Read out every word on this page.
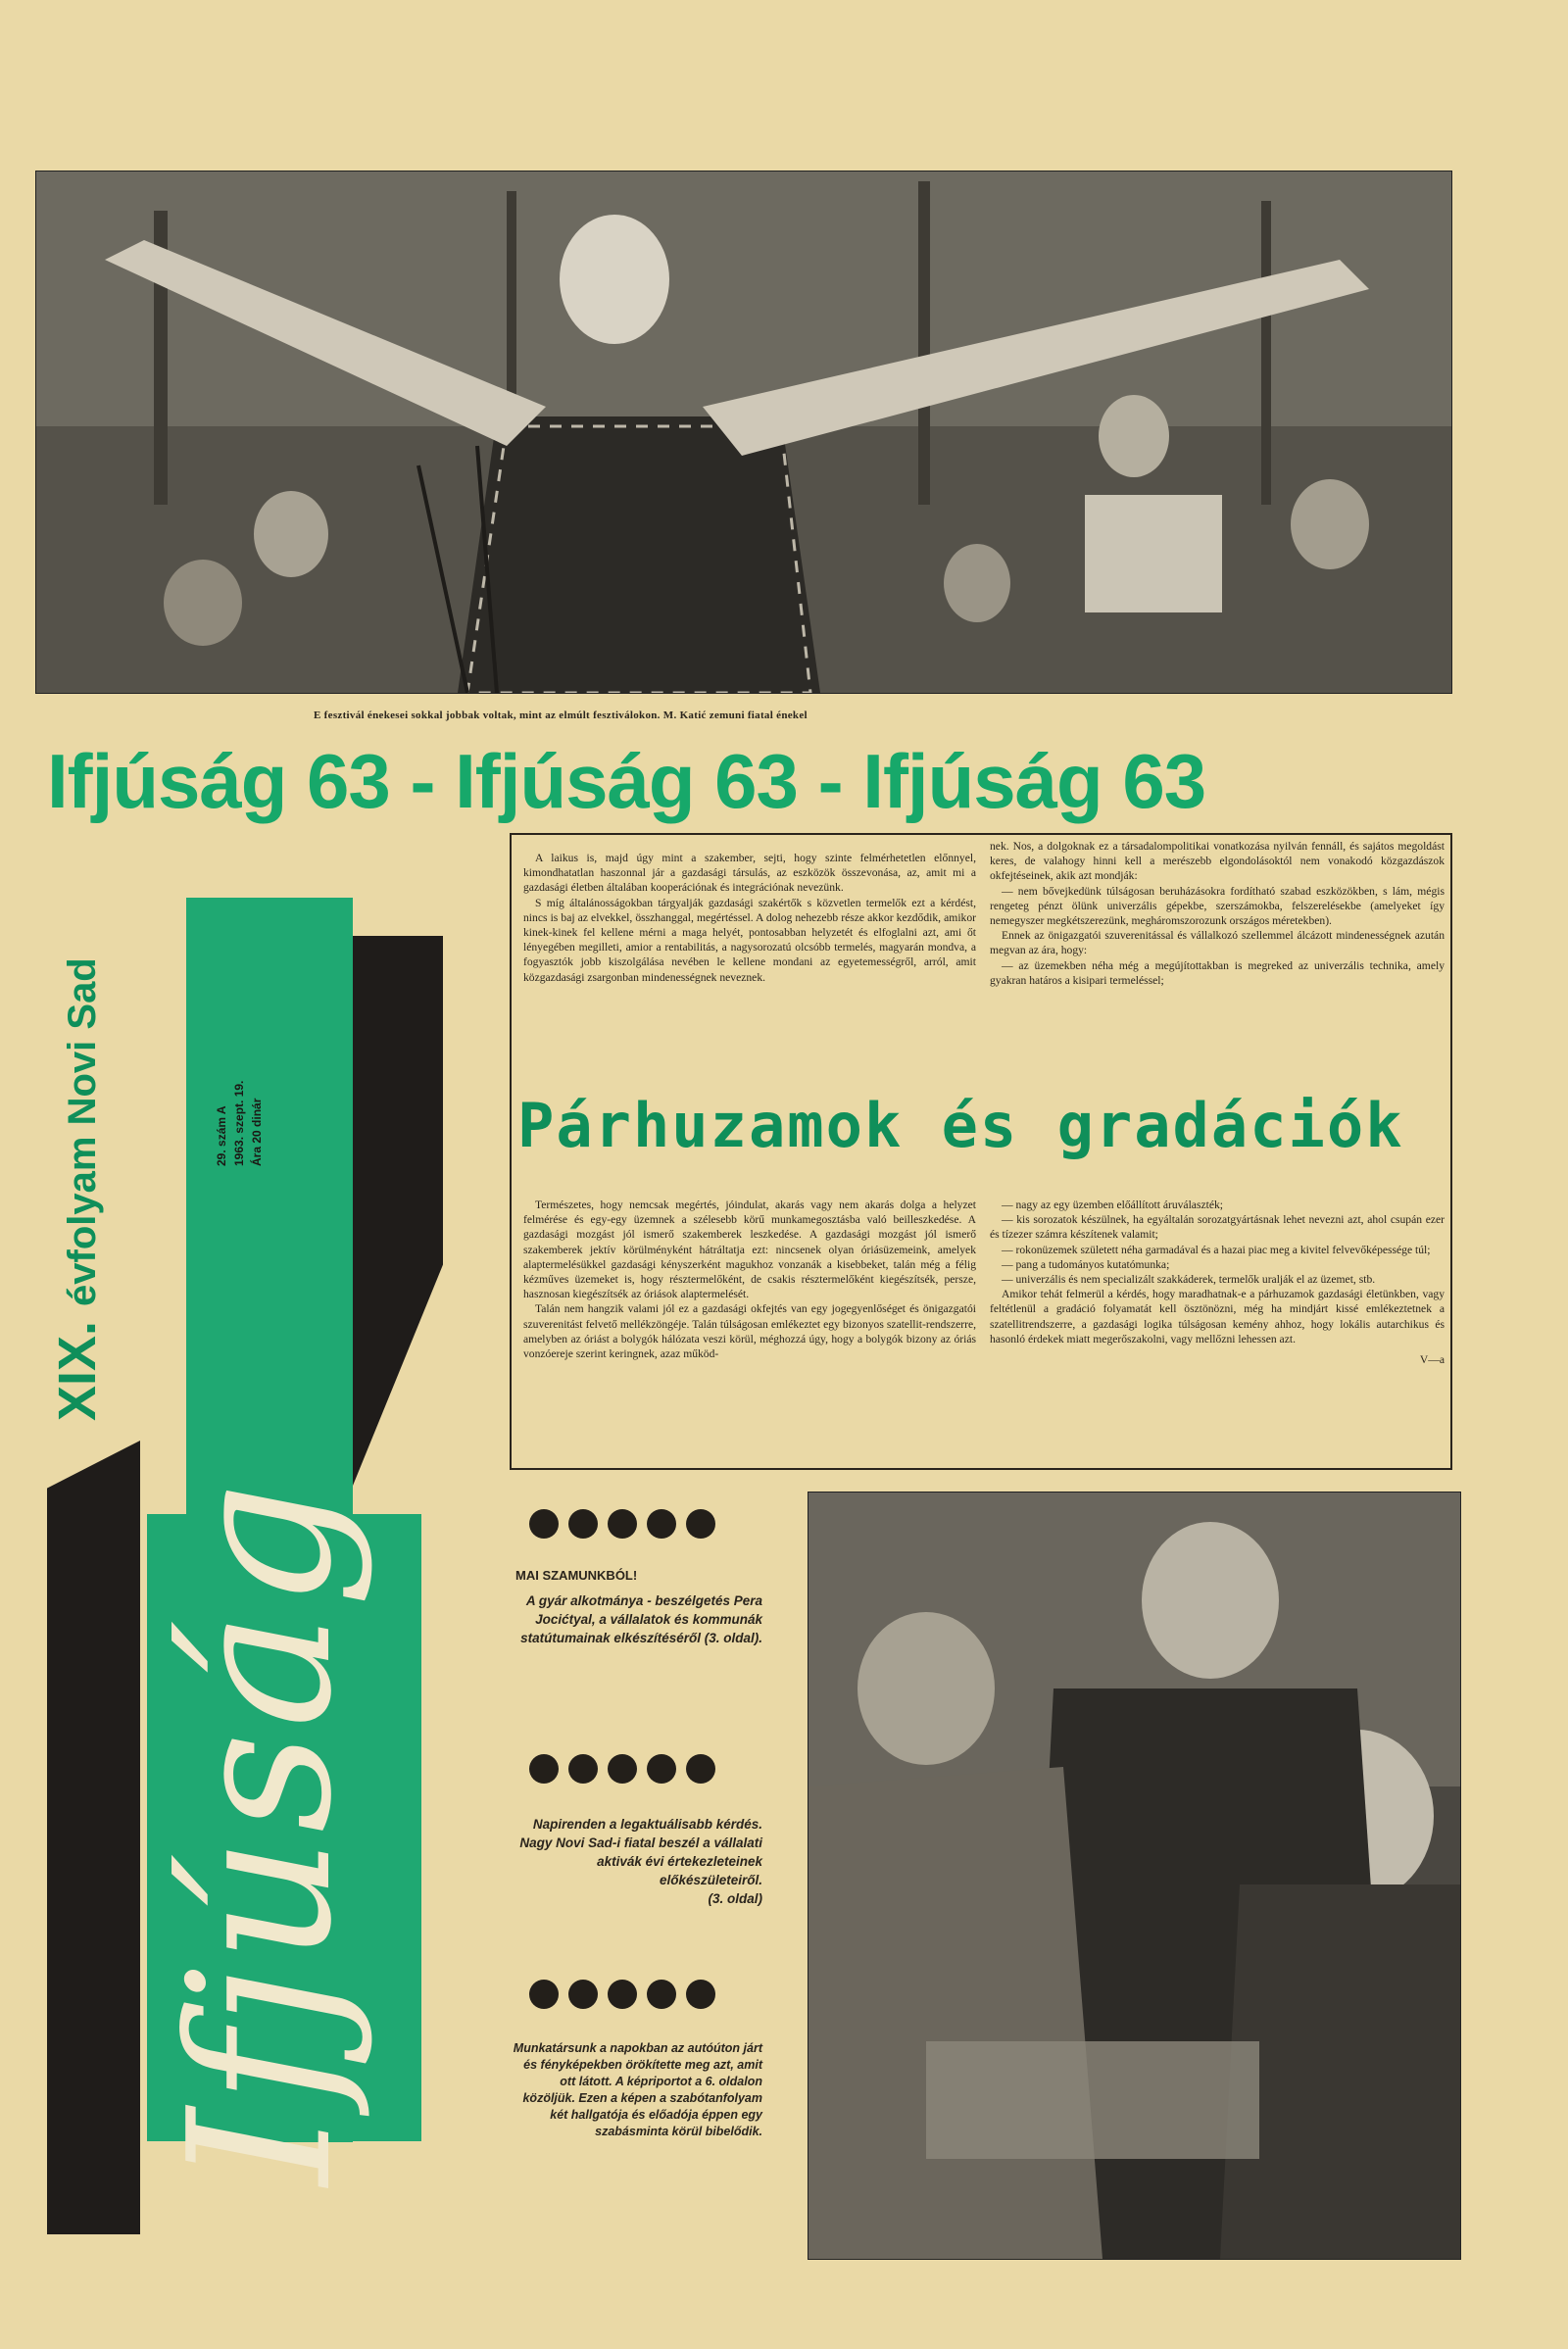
E fesztivál énekesei sokkal jobbak voltak, mint az elmúlt fesztiválokon. M. Katić zemuni fiatal énekel
Ifjúság 63 - Ifjúság 63 - Ifjúság 63
XIX. évfolyam Novi Sad	29. szám A 1963. szept. 19. Ára 20 dinár
Ifjúság

A laikus is, majd úgy mint a szakember, sejti, hogy szinte felmérhetetlen előnnyel, kimondhatatlan haszonnal jár a gazdasági társulás, az eszközök összevonása, az, amit mi a gazdasági életben általában kooperációnak és integrációnak nevezünk.

S míg általánosságokban tárgyalják gazdasági szakértők s közvetlen termelők ezt a kérdést, nincs is baj az elvekkel, összhanggal, megértéssel. A dolog nehezebb része akkor kezdődik, amikor kinek-kinek fel kellene mérni a maga helyét, pontosabban helyzetét és elfoglalni azt, ami őt lényegében megilleti, amior a rentabilitás, a nagysorozatú olcsóbb termelés, magyarán mondva, a fogyasztók jobb kiszolgálása nevében le kellene mondani az egyetemességről, arról, amit közgazdasági zsargonban mindenességnek neveznek.

nek. Nos, a dolgoknak ez a társadalompolitikai vonatkozása nyilván fennáll, és sajátos megoldást keres, de valahogy hinni kell a merészebb elgondolásoktól nem vonakodó közgazdászok okfejtéseinek, akik azt mondják:

— nem bővejkedünk túlságosan beruházásokra fordítható szabad eszközökben, s lám, mégis rengeteg pénzt ölünk univerzális gépekbe, szerszámokba, felszerelésekbe (amelyeket így nemegyszer megkétszerezünk, megháromszorozunk országos méretekben).

Ennek az önigazgatói szuverenitással és vállalkozó szellemmel álcázott mindenességnek azután megvan az ára, hogy:

— az üzemekben néha még a megújítottakban is megreked az univerzális technika, amely gyakran határos a kisipari termeléssel;

Párhuzamok és gradációk

Természetes, hogy nemcsak megértés, jóindulat, akarás vagy nem akarás dolga a helyzet felmérése és egy-egy üzemnek a szélesebb körű munkamegosztásba való beilleszkedése. A gazdasági mozgást jól ismerő szakemberek leszkedése. A gazdasági mozgást jól ismerő szakemberek jektív körülményként hátráltatja ezt: nincsenek olyan óriásüzemeink, amelyek alaptermelésükkel gazdasági kényszerként magukhoz vonzanák a kisebbeket, talán még a félig kézműves üzemeket is, hogy résztermelőként, de csakis résztermelőként kiegészítsék, persze, hasznosan kiegészítsék az óriások alaptermelését.

Talán nem hangzik valami jól ez a gazdasági okfejtés van egy jogegyenlőséget és önigazgatói szuverenitást felvető mellékzöngéje. Talán túlságosan emlékeztet egy bizonyos szatellit-rendszerre, amelyben az óriást a bolygók hálózata veszi körül, méghozzá úgy, hogy a bolygók bizony az óriás vonzóereje szerint keringnek, azaz működ-

— nagy az egy üzemben előállított áruválaszték;

— kis sorozatok készülnek, ha egyáltalán sorozatgyártásnak lehet nevezni azt, ahol csupán ezer és tízezer számra készítenek valamit;

— rokonüzemek született néha garmadával és a hazai piac meg a kivitel felvevőképessége túl;

— pang a tudományos kutatómunka;

— univerzális és nem specializált szakkáderek, termelők uralják el az üzemet, stb.

Amikor tehát felmerül a kérdés, hogy maradhatnak-e a párhuzamok gazdasági életünkben, vagy feltétlenül a gradáció folyamatát kell ösztönözni, még ha mindjárt kissé emlékeztetnek a szatellitrendszerre, a gazdasági logika túlságosan kemény ahhoz, hogy lokális autarchikus és hasonló érdekek miatt megerőszakolni, vagy mellőzni lehessen azt.

V—a
MAI SZAMUNKBÓL!
A gyár alkotmánya - beszélgetés Pera Jocićtyal, a vállalatok és kommunák statútumainak elkészítéséről (3. oldal).
Napirenden a legaktuálisabb kérdés. Nagy Novi Sad-i fiatal beszél a vállalati aktivák évi értekezleteinek előkészületeiről.
(3. oldal)
Munkatársunk a napokban az autóúton járt és fényképekben örökítette meg azt, amit ott látott. A képriportot a 6. oldalon közöljük. Ezen a képen a szabótanfolyam két hallgatója és előadója éppen egy szabásmintа körül bibelődik.
